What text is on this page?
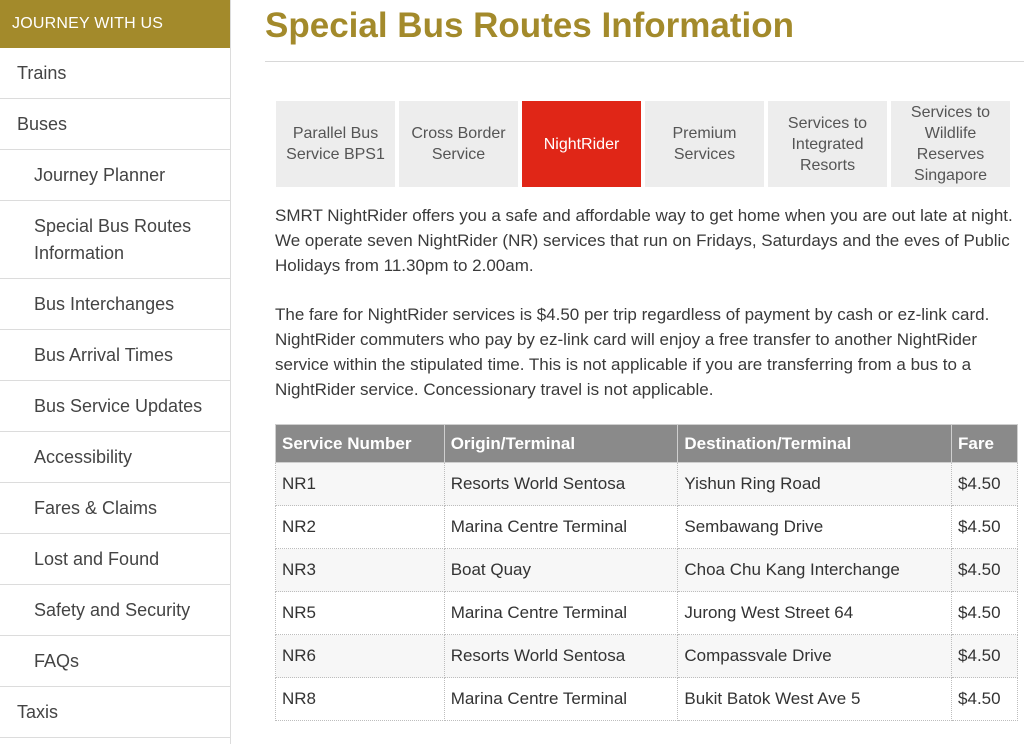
JOURNEY WITH US
Trains
Buses
Journey Planner
Special Bus Routes Information
Bus Interchanges
Bus Arrival Times
Bus Service Updates
Accessibility
Fares & Claims
Lost and Found
Safety and Security
FAQs
Taxis
Special Bus Routes Information
Parallel Bus Service BPS1
Cross Border Service
NightRider
Premium Services
Services to Integrated Resorts
Services to Wildlife Reserves Singapore

SMRT NightRider offers you a safe and affordable way to get home when you are out late at night. We operate seven NightRider (NR) services that run on Fridays, Saturdays and the eves of Public Holidays from 11.30pm to 2.00am.

The fare for NightRider services is $4.50 per trip regardless of payment by cash or ez-link card. NightRider commuters who pay by ez-link card will enjoy a free transfer to another NightRider service within the stipulated time. This is not applicable if you are transferring from a bus to a NightRider service. Concessionary travel is not applicable.

Service Number	Origin/Terminal	Destination/Terminal	Fare
NR1	Resorts World Sentosa	Yishun Ring Road	$4.50
NR2	Marina Centre Terminal	Sembawang Drive	$4.50
NR3	Boat Quay	Choa Chu Kang Interchange	$4.50
NR5	Marina Centre Terminal	Jurong West Street 64	$4.50
NR6	Resorts World Sentosa	Compassvale Drive	$4.50
NR8	Marina Centre Terminal	Bukit Batok West Ave 5	$4.50
